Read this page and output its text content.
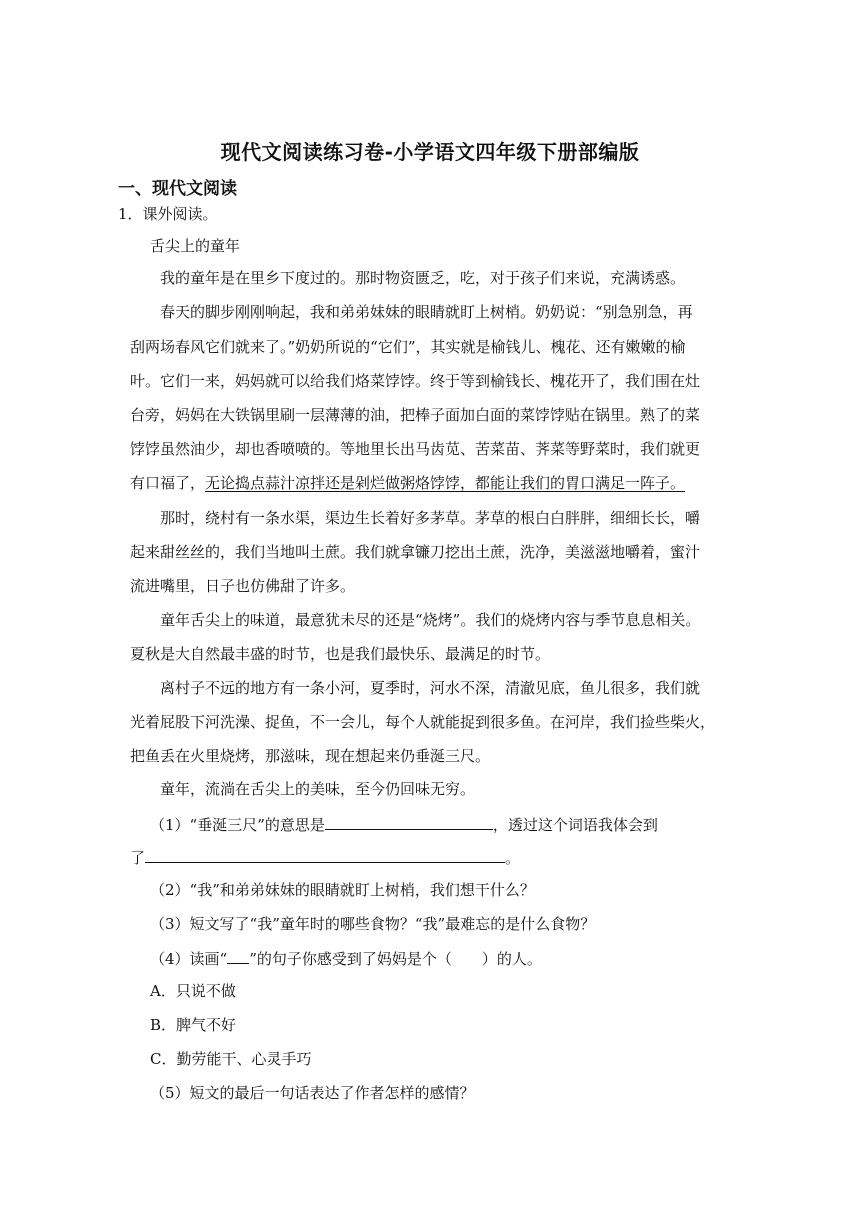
现代文阅读练习卷-小学语文四年级下册部编版
一、现代文阅读
1．课外阅读。
舌尖上的童年
我的童年是在里乡下度过的。那时物资匮乏，吃，对于孩子们来说，充满诱惑。
春天的脚步刚刚响起，我和弟弟妹妹的眼睛就盯上树梢。奶奶说：“别急别急，再
刮两场春风它们就来了。”奶奶所说的“它们”，其实就是榆钱儿、槐花、还有嫩嫩的榆
叶。它们一来，妈妈就可以给我们烙菜饽饽。终于等到榆钱长、槐花开了，我们围在灶
台旁，妈妈在大铁锅里刷一层薄薄的油，把棒子面加白面的菜饽饽贴在锅里。熟了的菜
饽饽虽然油少，却也香喷喷的。等地里长出马齿苋、苦菜苗、荠菜等野菜时，我们就更
有口福了，无论捣点蒜汁凉拌还是剁烂做粥烙饽饽，都能让我们的胃口满足一阵子。
那时，绕村有一条水渠，渠边生长着好多茅草。茅草的根白白胖胖，细细长长，嚼
起来甜丝丝的，我们当地叫土蔗。我们就拿镰刀挖出土蔗，洗净，美滋滋地嚼着，蜜汁
流进嘴里，日子也仿佛甜了许多。
童年舌尖上的味道，最意犹未尽的还是“烧烤”。我们的烧烤内容与季节息息相关。
夏秋是大自然最丰盛的时节，也是我们最快乐、最满足的时节。
离村子不远的地方有一条小河，夏季时，河水不深，清澈见底，鱼儿很多，我们就
光着屁股下河洗澡、捉鱼，不一会儿，每个人就能捉到很多鱼。在河岸，我们捡些柴火，
把鱼丢在火里烧烤，那滋味，现在想起来仍垂涎三尺。
童年，流淌在舌尖上的美味，至今仍回味无穷。
（1）“垂涎三尺”的意思是	，透过这个词语我体会到
了	。
（2）“我”和弟弟妹妹的眼睛就盯上树梢，我们想干什么？
（3）短文写了“我”童年时的哪些食物？“我”最难忘的是什么食物？
（4）读画“ ”的句子你感受到了妈妈是个（　　）的人。
A．只说不做
B．脾气不好
C．勤劳能干、心灵手巧
（5）短文的最后一句话表达了作者怎样的感情？
